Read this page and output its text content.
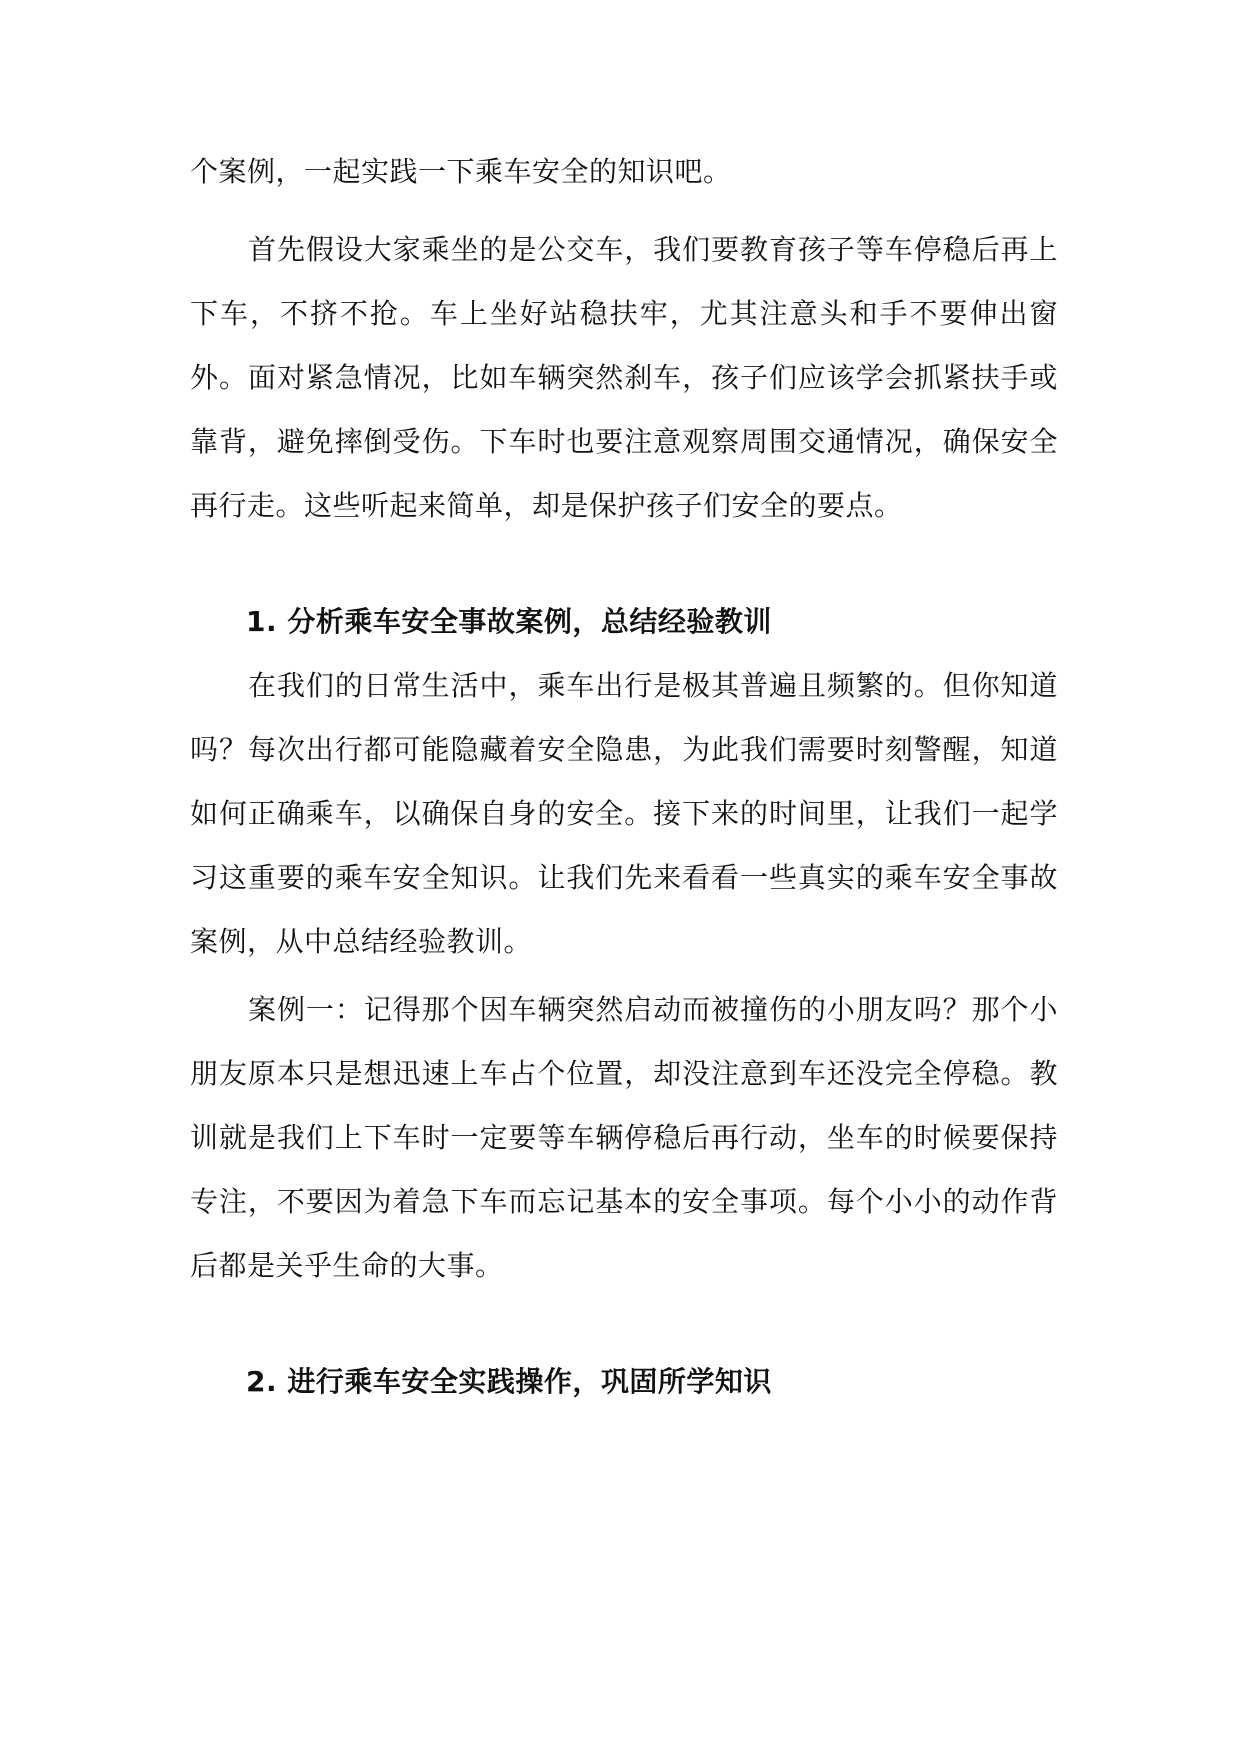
个案例，一起实践一下乘车安全的知识吧。

首先假设大家乘坐的是公交车，我们要教育孩子等车停稳后再上下车，不挤不抢。车上坐好站稳扶牢，尤其注意头和手不要伸出窗外。面对紧急情况，比如车辆突然刹车，孩子们应该学会抓紧扶手或靠背，避免摔倒受伤。下车时也要注意观察周围交通情况，确保安全再行走。这些听起来简单，却是保护孩子们安全的要点。

1. 分析乘车安全事故案例，总结经验教训

在我们的日常生活中，乘车出行是极其普遍且频繁的。但你知道吗？每次出行都可能隐藏着安全隐患，为此我们需要时刻警醒，知道如何正确乘车，以确保自身的安全。接下来的时间里，让我们一起学习这重要的乘车安全知识。让我们先来看看一些真实的乘车安全事故案例，从中总结经验教训。

案例一：记得那个因车辆突然启动而被撞伤的小朋友吗？那个小朋友原本只是想迅速上车占个位置，却没注意到车还没完全停稳。教训就是我们上下车时一定要等车辆停稳后再行动，坐车的时候要保持专注，不要因为着急下车而忘记基本的安全事项。每个小小的动作背后都是关乎生命的大事。

2. 进行乘车安全实践操作，巩固所学知识
